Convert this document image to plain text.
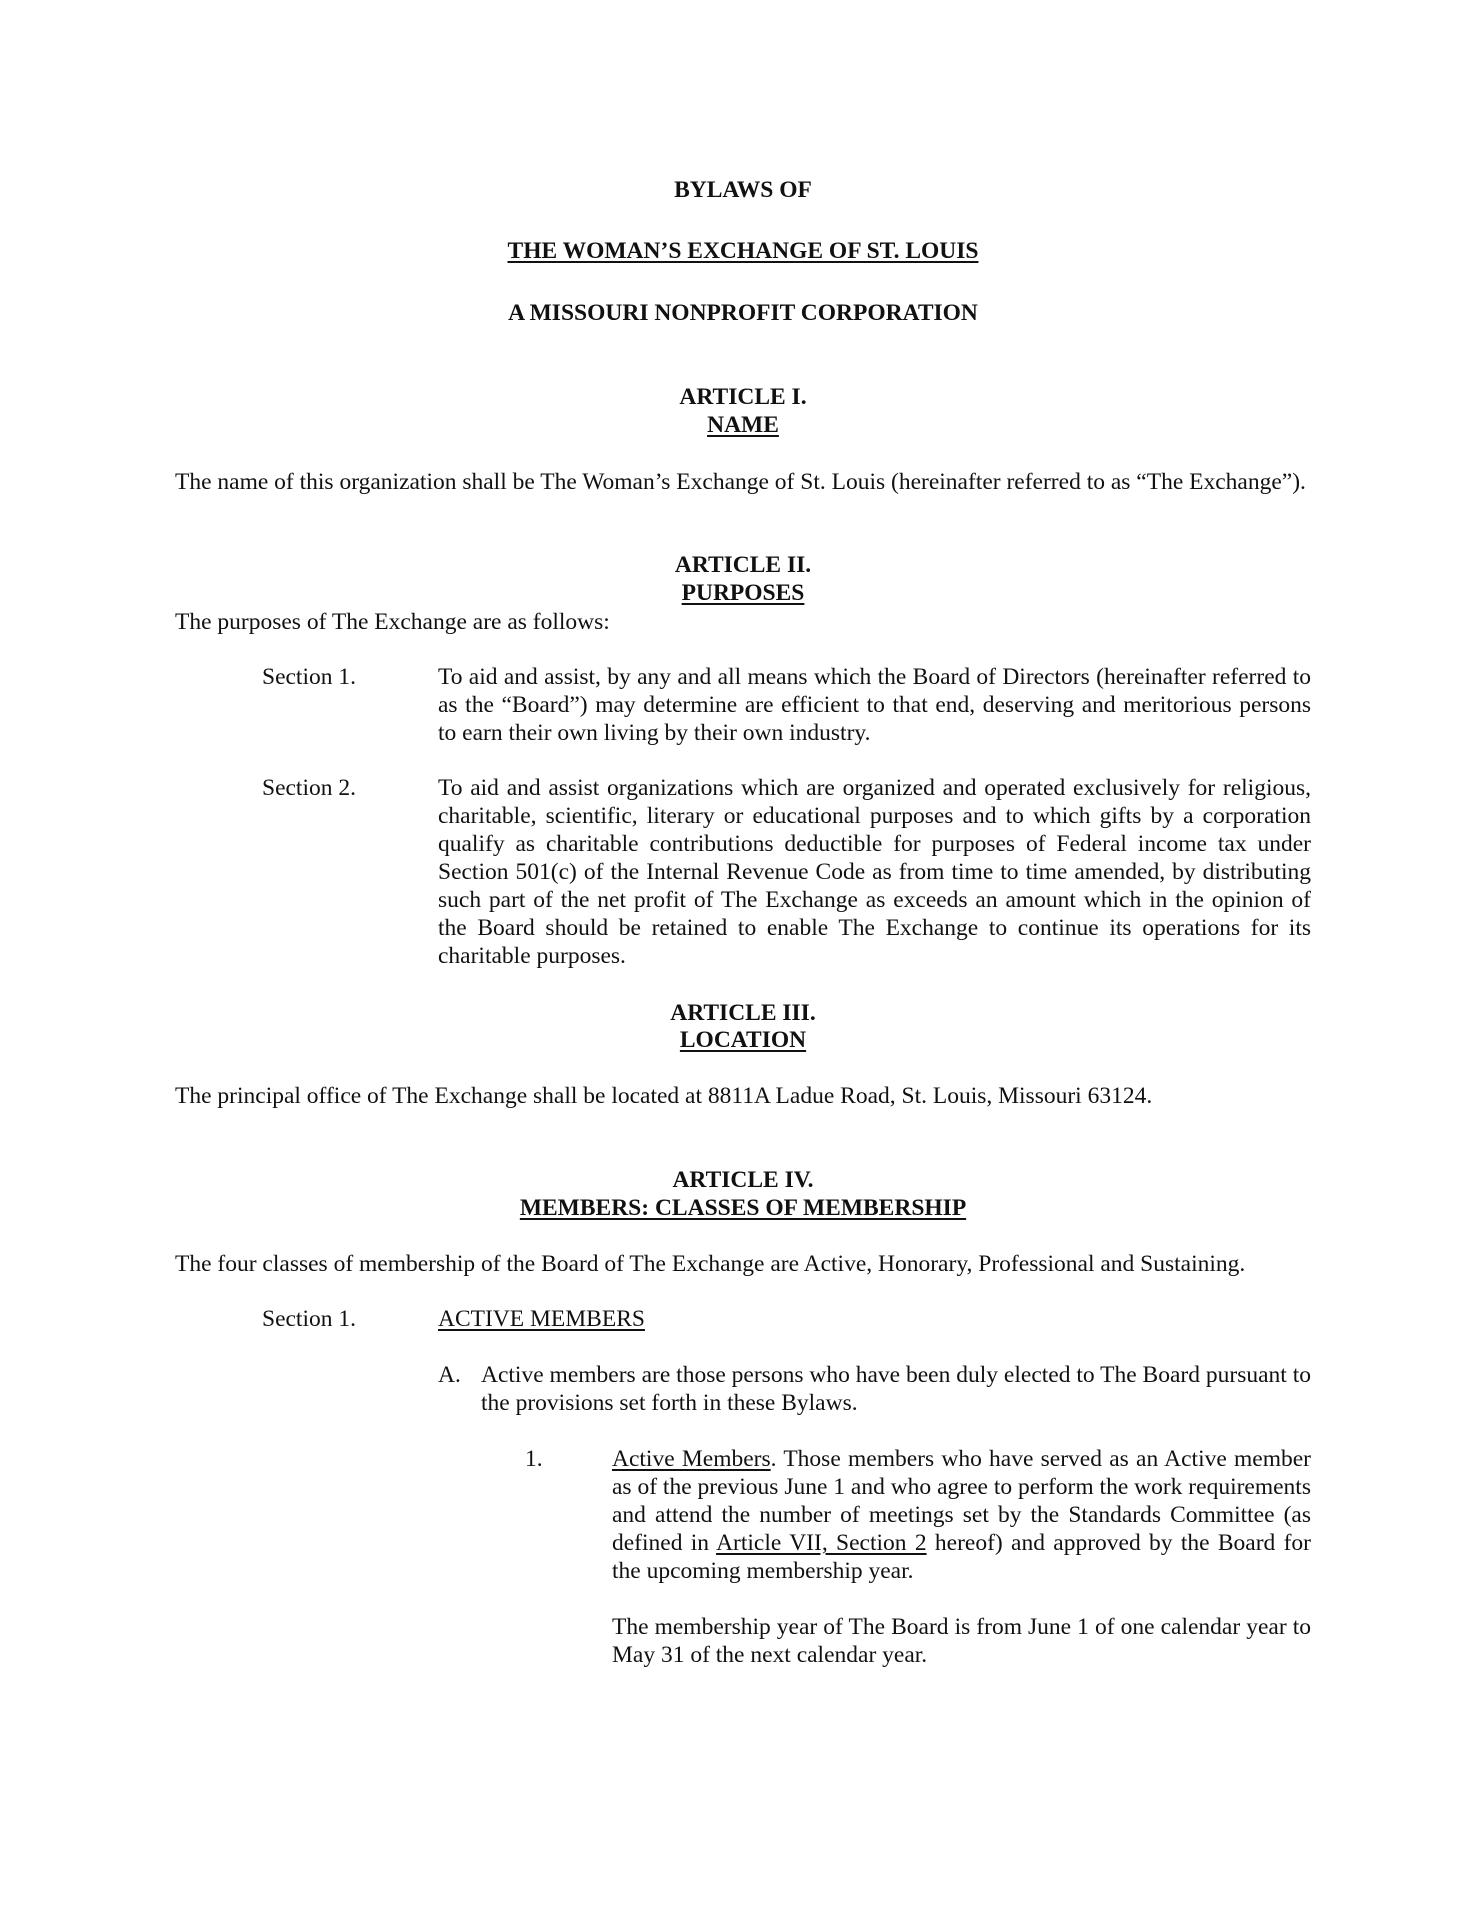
BYLAWS OF
THE WOMAN’S EXCHANGE OF ST. LOUIS
A MISSOURI NONPROFIT CORPORATION
ARTICLE I.
NAME
The name of this organization shall be The Woman’s Exchange of St. Louis (hereinafter referred to as “The Exchange”).
ARTICLE II.
PURPOSES
The purposes of The Exchange are as follows:
Section 1.	To aid and assist, by any and all means which the Board of Directors (hereinafter referred to as the “Board”) may determine are efficient to that end, deserving and meritorious persons to earn their own living by their own industry.
Section 2.	To aid and assist organizations which are organized and operated exclusively for religious, charitable, scientific, literary or educational purposes and to which gifts by a corporation qualify as charitable contributions deductible for purposes of Federal income tax under Section 501(c) of the Internal Revenue Code as from time to time amended, by distributing such part of the net profit of The Exchange as exceeds an amount which in the opinion of the Board should be retained to enable The Exchange to continue its operations for its charitable purposes.
ARTICLE III.
LOCATION
The principal office of The Exchange shall be located at 8811A Ladue Road, St. Louis, Missouri 63124.
ARTICLE IV.
MEMBERS: CLASSES OF MEMBERSHIP
The four classes of membership of the Board of The Exchange are Active, Honorary, Professional and Sustaining.
Section 1.	ACTIVE MEMBERS
A. Active members are those persons who have been duly elected to The Board pursuant to the provisions set forth in these Bylaws.
1.	Active Members. Those members who have served as an Active member as of the previous June 1 and who agree to perform the work requirements and attend the number of meetings set by the Standards Committee (as defined in Article VII, Section 2 hereof) and approved by the Board for the upcoming membership year.
The membership year of The Board is from June 1 of one calendar year to May 31 of the next calendar year.
